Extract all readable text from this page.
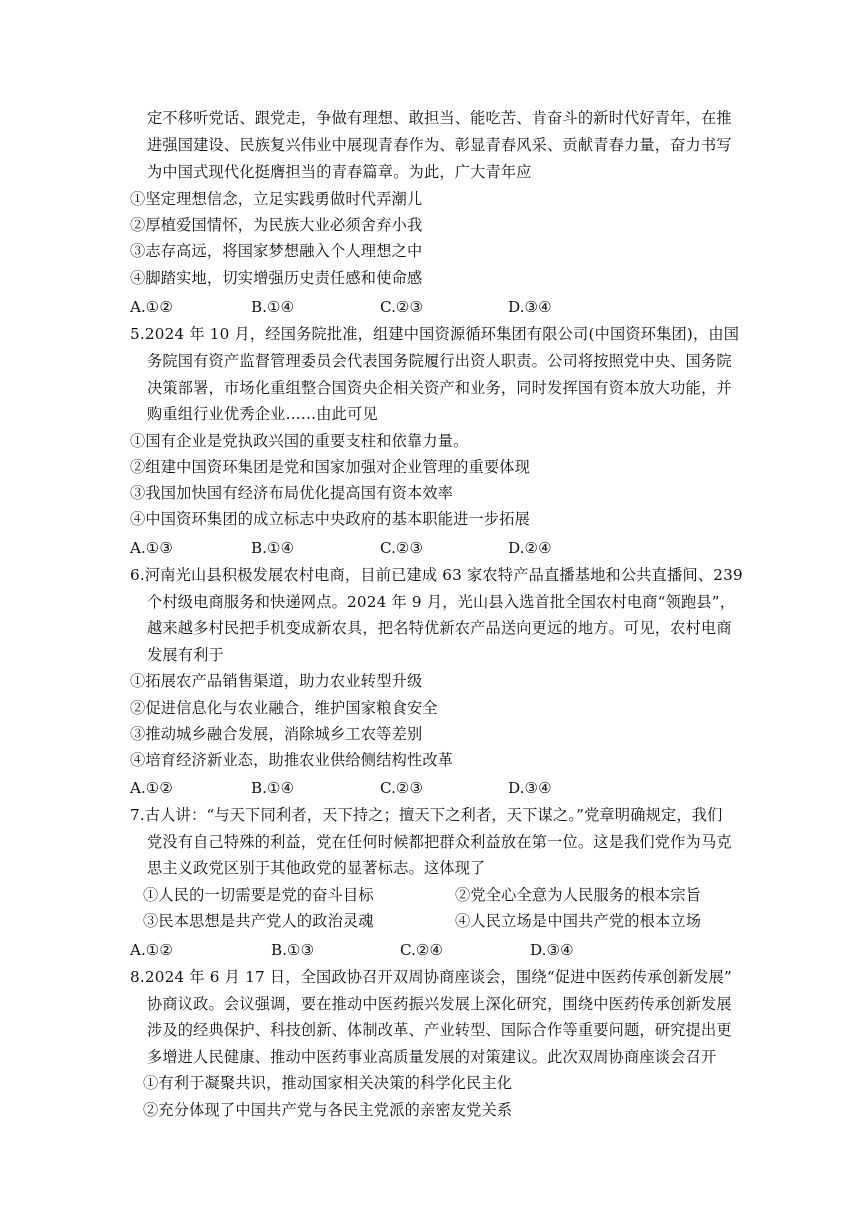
定不移听党话、跟党走，争做有理想、敢担当、能吃苦、肯奋斗的新时代好青年，在推
进强国建设、民族复兴伟业中展现青春作为、彰显青春风采、贡献青春力量，奋力书写
为中国式现代化挺膺担当的青春篇章。为此，广大青年应
①坚定理想信念，立足实践勇做时代弄潮儿
②厚植爱国情怀，为民族大业必须舍弃小我
③志存高远，将国家梦想融入个人理想之中
④脚踏实地，切实增强历史责任感和使命感
A.①②	B.①④	C.②③	D.③④
5.2024 年 10 月，经国务院批准，组建中国资源循环集团有限公司(中国资环集团)，由国
务院国有资产监督管理委员会代表国务院履行出资人职责。公司将按照党中央、国务院
决策部署，市场化重组整合国资央企相关资产和业务，同时发挥国有资本放大功能，并
购重组行业优秀企业……由此可见
①国有企业是党执政兴国的重要支柱和依靠力量。
②组建中国资环集团是党和国家加强对企业管理的重要体现
③我国加快国有经济布局优化提高国有资本效率
④中国资环集团的成立标志中央政府的基本职能进一步拓展
A.①③	B.①④	C.②③	D.②④
6.河南光山县积极发展农村电商，目前已建成 63 家农特产品直播基地和公共直播间、239
个村级电商服务和快递网点。2024 年 9 月，光山县入选首批全国农村电商“领跑县”，
越来越多村民把手机变成新农具，把名特优新农产品送向更远的地方。可见，农村电商
发展有利于
①拓展农产品销售渠道，助力农业转型升级
②促进信息化与农业融合，维护国家粮食安全
③推动城乡融合发展，消除城乡工农等差别
④培育经济新业态，助推农业供给侧结构性改革
A.①②	B.①④	C.②③	D.③④
7.古人讲：“与天下同利者，天下持之；擅天下之利者，天下谋之。”党章明确规定，我们
党没有自己特殊的利益，党在任何时候都把群众利益放在第一位。这是我们党作为马克
思主义政党区别于其他政党的显著标志。这体现了
①人民的一切需要是党的奋斗目标	②党全心全意为人民服务的根本宗旨
③民本思想是共产党人的政治灵魂	④人民立场是中国共产党的根本立场
A.①②	B.①③	C.②④	D.③④
8.2024 年 6 月 17 日，全国政协召开双周协商座谈会，围绕“促进中医药传承创新发展”
协商议政。会议强调，要在推动中医药振兴发展上深化研究，围绕中医药传承创新发展
涉及的经典保护、科技创新、体制改革、产业转型、国际合作等重要问题，研究提出更
多增进人民健康、推动中医药事业高质量发展的对策建议。此次双周协商座谈会召开
①有利于凝聚共识，推动国家相关决策的科学化民主化
②充分体现了中国共产党与各民主党派的亲密友党关系
